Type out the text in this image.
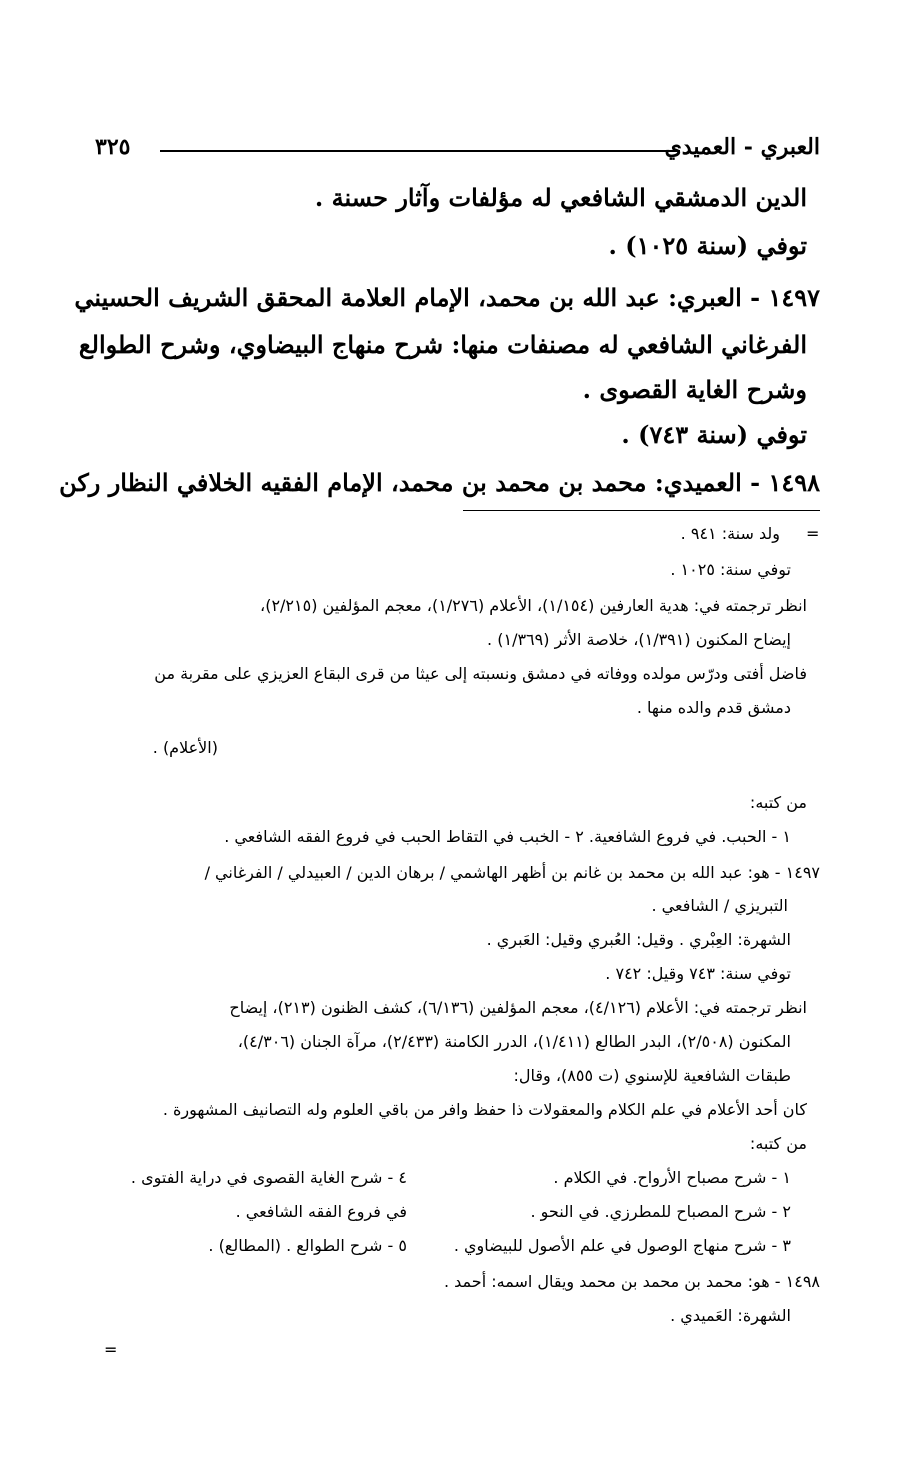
العبري - العميدي
٣٢٥
الدين الدمشقي الشافعي له مؤلفات وآثار حسنة .
توفي (سنة ١٠٢٥) .
١٤٩٧ - العبري: عبد الله بن محمد، الإمام العلامة المحقق الشريف الحسيني
الفرغاني الشافعي له مصنفات منها: شرح منهاج البيضاوي، وشرح الطوالع
وشرح الغاية القصوى .
توفي (سنة ٧٤٣) .
١٤٩٨ - العميدي: محمد بن محمد بن محمد، الإمام الفقيه الخلافي النظار ركن
=
ولد سنة: ٩٤١ .
توفي سنة: ١٠٢٥ .
انظر ترجمته في: هدية العارفين (١/١٥٤)، الأعلام (١/٢٧٦)، معجم المؤلفين (٢/٢١٥)،
إيضاح المكنون (١/٣٩١)، خلاصة الأثر (١/٣٦٩) .
فاضل أفتى ودرّس مولده ووفاته في دمشق ونسبته إلى عيثا من قرى البقاع العزيزي على مقربة من
دمشق قدم والده منها .
(الأعلام) .
من كتبه:
١ - الحبب. في فروع الشافعية. ٢ - الخبب في التقاط الحبب في فروع الفقه الشافعي .
١٤٩٧ - هو: عبد الله بن محمد بن غانم بن أظهر الهاشمي / برهان الدين / العبيدلي / الفرغاني /
التبريزي / الشافعي .
الشهرة: العِبْري . وقيل: العُبري وقيل: العَبري .
توفي سنة: ٧٤٣ وقيل: ٧٤٢ .
انظر ترجمته في: الأعلام (٤/١٢٦)، معجم المؤلفين (٦/١٣٦)، كشف الظنون (٢١٣)، إيضاح
المكنون (٢/٥٠٨)، البدر الطالع (١/٤١١)، الدرر الكامنة (٢/٤٣٣)، مرآة الجنان (٤/٣٠٦)،
طبقات الشافعية للإسنوي (ت ٨٥٥)، وقال:
كان أحد الأعلام في علم الكلام والمعقولات ذا حفظ وافر من باقي العلوم وله التصانيف المشهورة .
من كتبه:
١ - شرح مصباح الأرواح. في الكلام .
٢ - شرح المصباح للمطرزي. في النحو .
٣ - شرح منهاج الوصول في علم الأصول للبيضاوي .
٤ - شرح الغاية القصوى في دراية الفتوى .
في فروع الفقه الشافعي .
٥ - شرح الطوالع . (المطالع) .
١٤٩٨ - هو: محمد بن محمد بن محمد ويقال اسمه: أحمد .
الشهرة: العَميدي .
=
